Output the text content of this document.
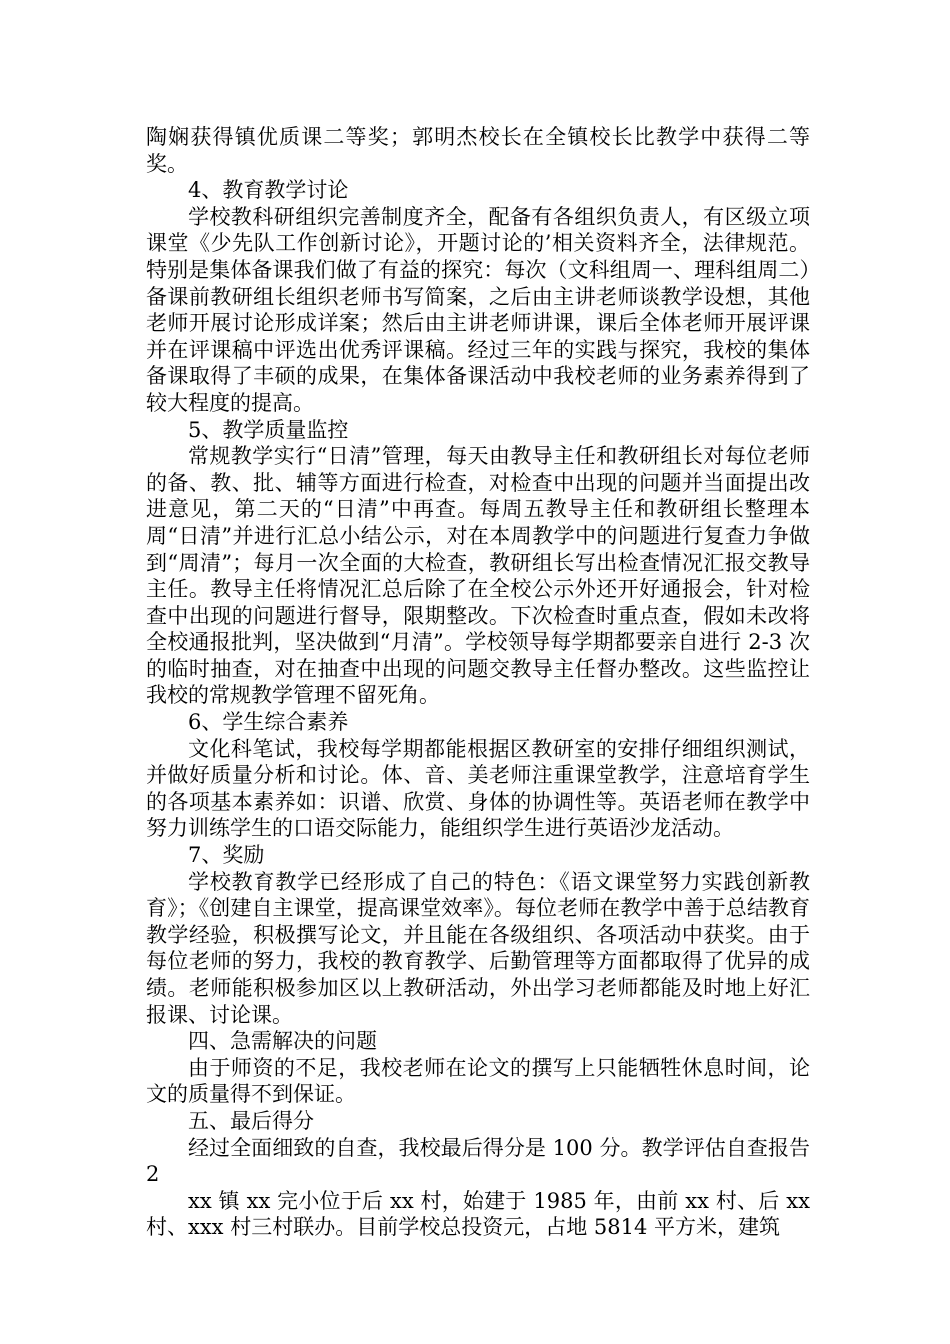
陶娴获得镇优质课二等奖；郭明杰校长在全镇校长比教学中获得二等奖。

4、教育教学讨论

学校教科研组织完善制度齐全，配备有各组织负责人，有区级立项课堂《少先队工作创新讨论》，开题讨论的’相关资料齐全，法律规范。特别是集体备课我们做了有益的探究：每次（文科组周一、理科组周二）备课前教研组长组织老师书写简案，之后由主讲老师谈教学设想，其他老师开展讨论形成详案；然后由主讲老师讲课，课后全体老师开展评课并在评课稿中评选出优秀评课稿。经过三年的实践与探究，我校的集体备课取得了丰硕的成果，在集体备课活动中我校老师的业务素养得到了较大程度的提高。

5、教学质量监控

常规教学实行“日清”管理，每天由教导主任和教研组长对每位老师的备、教、批、辅等方面进行检查，对检查中出现的问题并当面提出改进意见，第二天的“日清”中再查。每周五教导主任和教研组长整理本周“日清”并进行汇总小结公示，对在本周教学中的问题进行复查力争做到“周清”；每月一次全面的大检查，教研组长写出检查情况汇报交教导主任。教导主任将情况汇总后除了在全校公示外还开好通报会，针对检查中出现的问题进行督导，限期整改。下次检查时重点查，假如未改将全校通报批判，坚决做到“月清”。学校领导每学期都要亲自进行 2-3 次的临时抽查，对在抽查中出现的问题交教导主任督办整改。这些监控让我校的常规教学管理不留死角。

6、学生综合素养

文化科笔试，我校每学期都能根据区教研室的安排仔细组织测试，并做好质量分析和讨论。体、音、美老师注重课堂教学，注意培育学生的各项基本素养如：识谱、欣赏、身体的协调性等。英语老师在教学中努力训练学生的口语交际能力，能组织学生进行英语沙龙活动。

7、奖励

学校教育教学已经形成了自己的特色：《语文课堂努力实践创新教育》；《创建自主课堂，提高课堂效率》。每位老师在教学中善于总结教育教学经验，积极撰写论文，并且能在各级组织、各项活动中获奖。由于每位老师的努力，我校的教育教学、后勤管理等方面都取得了优异的成绩。老师能积极参加区以上教研活动，外出学习老师都能及时地上好汇报课、讨论课。

四、急需解决的问题

由于师资的不足，我校老师在论文的撰写上只能牺牲休息时间，论文的质量得不到保证。

五、最后得分

经过全面细致的自查，我校最后得分是 100 分。教学评估自查报告 2

xx 镇 xx 完小位于后 xx 村，始建于 1985 年，由前 xx 村、后 xx 村、xxx 村三村联办。目前学校总投资元，占地 5814 平方米，建筑
